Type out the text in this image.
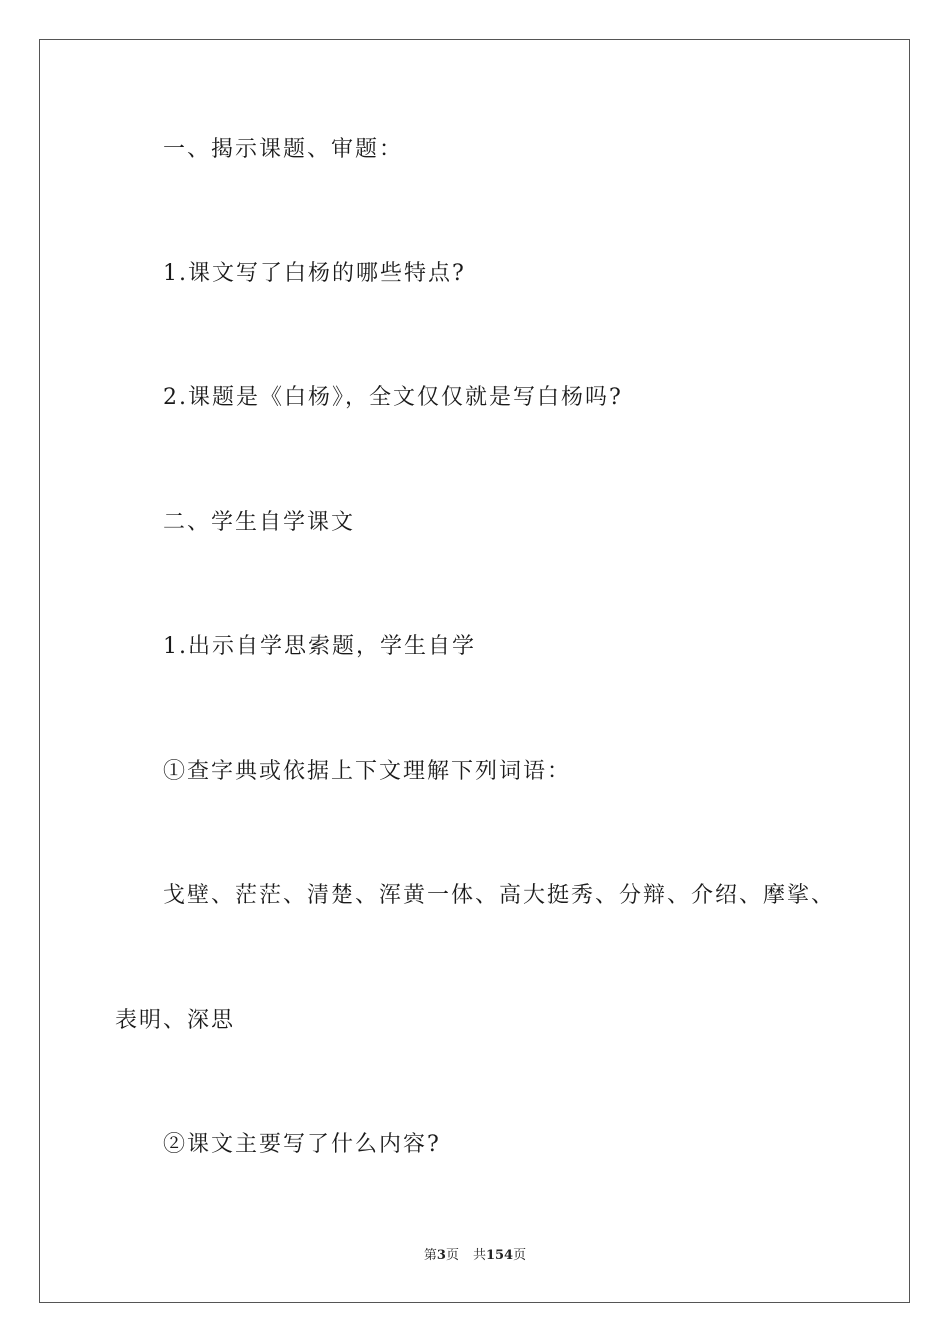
一、揭示课题、审题：
1.课文写了白杨的哪些特点?
2.课题是《白杨》，全文仅仅就是写白杨吗?
二、学生自学课文
1.出示自学思索题，学生自学
①查字典或依据上下文理解下列词语：
戈壁、茫茫、清楚、浑黄一体、高大挺秀、分辩、介绍、摩挲、
表明、深思
②课文主要写了什么内容?
第3页 共154页
